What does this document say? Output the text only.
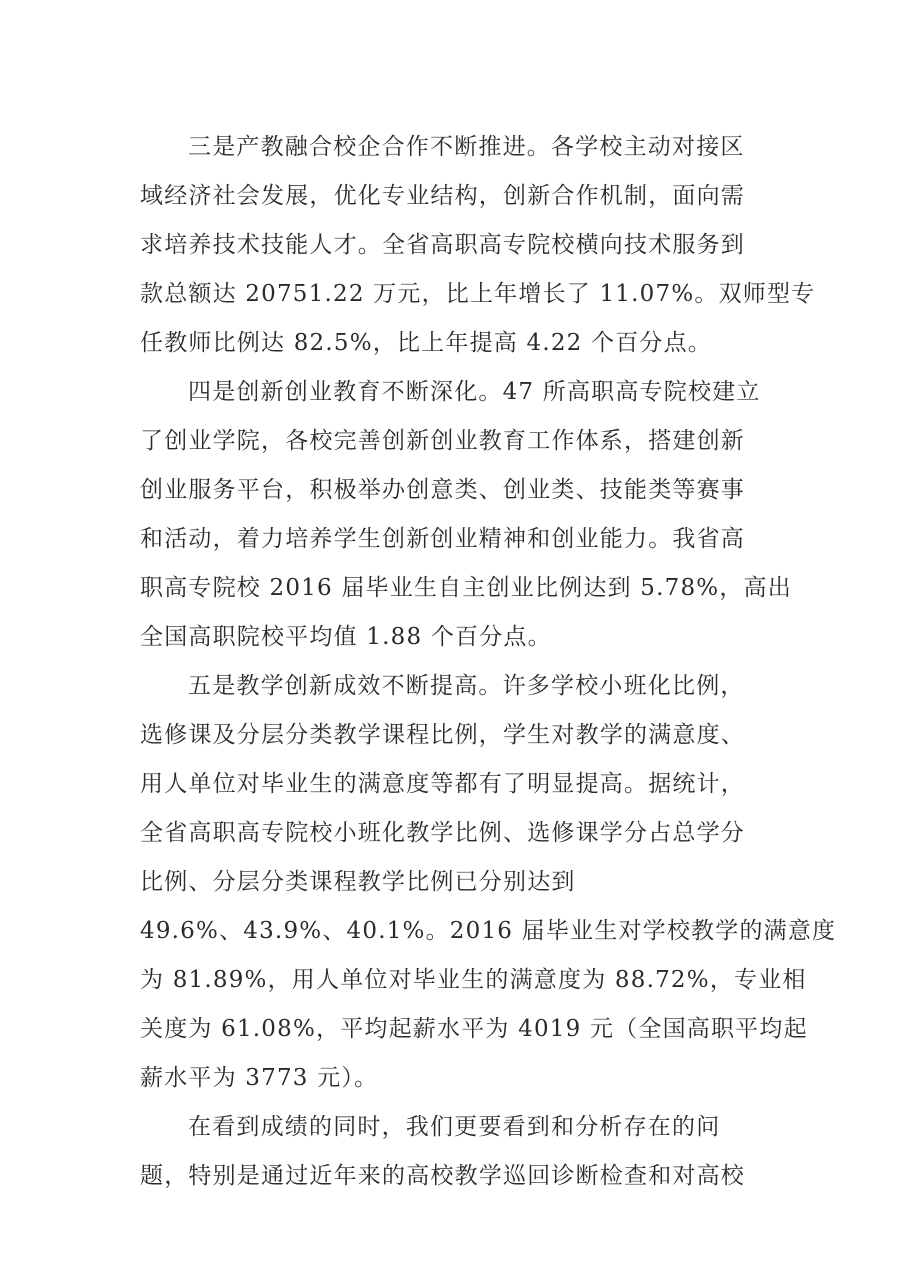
三是产教融合校企合作不断推进。各学校主动对接区
域经济社会发展，优化专业结构，创新合作机制，面向需
求培养技术技能人才。全省高职高专院校横向技术服务到
款总额达 20751.22 万元，比上年增长了 11.07%。双师型专
任教师比例达 82.5%，比上年提高 4.22 个百分点。
四是创新创业教育不断深化。47 所高职高专院校建立
了创业学院，各校完善创新创业教育工作体系，搭建创新
创业服务平台，积极举办创意类、创业类、技能类等赛事
和活动，着力培养学生创新创业精神和创业能力。我省高
职高专院校 2016 届毕业生自主创业比例达到 5.78%，高出
全国高职院校平均值 1.88 个百分点。
五是教学创新成效不断提高。许多学校小班化比例，
选修课及分层分类教学课程比例，学生对教学的满意度、
用人单位对毕业生的满意度等都有了明显提高。据统计，
全省高职高专院校小班化教学比例、选修课学分占总学分
比例、分层分类课程教学比例已分别达到
49.6%、43.9%、40.1%。2016 届毕业生对学校教学的满意度
为 81.89%，用人单位对毕业生的满意度为 88.72%，专业相
关度为 61.08%，平均起薪水平为 4019 元（全国高职平均起
薪水平为 3773 元）。
在看到成绩的同时，我们更要看到和分析存在的问
题，特别是通过近年来的高校教学巡回诊断检查和对高校
